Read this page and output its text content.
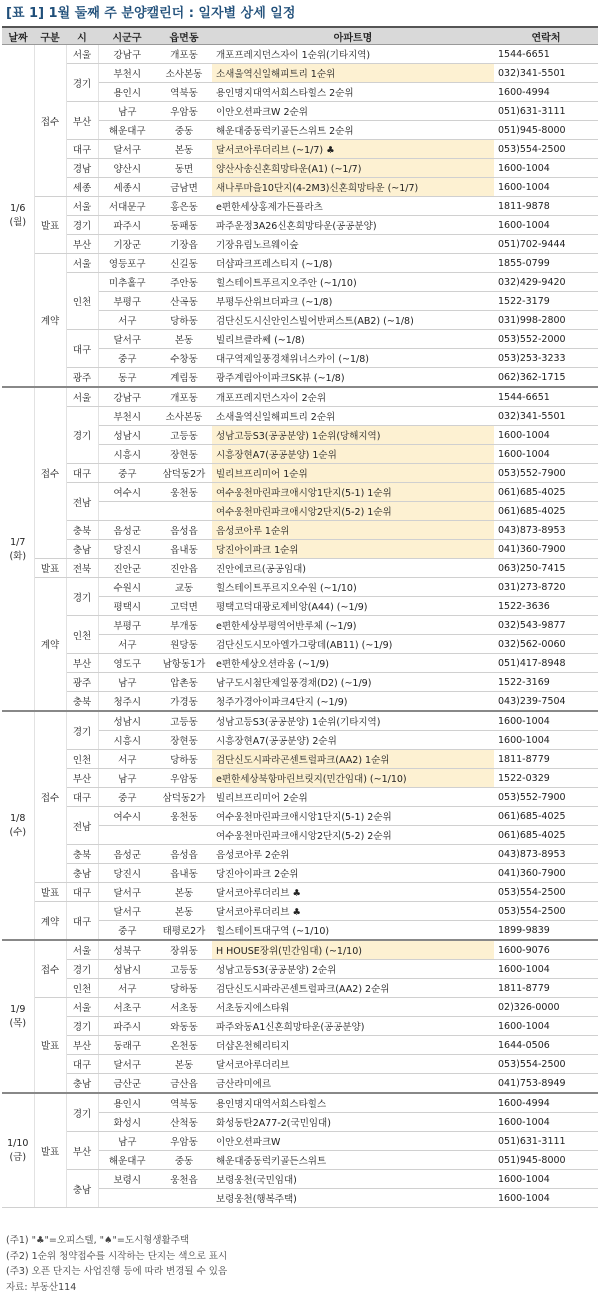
[표 1] 1월 둘째 주 분양캘린더 : 일자별 상세 일정
날짜	구분	시	시군구	읍면동	아파트명	연락처
1/6
(월)	접수	서울	강남구	개포동	개포프레지던스자이 1순위(기타지역)	1544-6651
		경기	부천시	소사본동	소새울역신일해피트리 1순위	032)341-5501
			용인시	역북동	용인명지대역서희스타힐스 2순위	1600-4994
		부산	남구	우암동	이안오션파크W 2순위	051)631-3111
			해운대구	중동	해운대중동럭키골든스위트 2순위	051)945-8000
		대구	달서구	본동	달서코아루더리브 (~1/7) ♣	053)554-2500
		경남	양산시	동면	양산사송신혼희망타운(A1) (~1/7)	1600-1004
		세종	세종시	금남면	새나루마을10단지(4-2M3)신혼희망타운 (~1/7)	1600-1004
	발표	서울	서대문구	홍은동	e편한세상홍제가든플라츠	1811-9878
		경기	파주시	동패동	파주운정3A26신혼희망타운(공공분양)	1600-1004
		부산	기장군	기장읍	기장유림노르웨이숲	051)702-9444
	계약	서울	영등포구	신길동	더샵파크프레스티지 (~1/8)	1855-0799
		인천	미추홀구	주안동	힐스테이트푸르지오주안 (~1/10)	032)429-9420
			부평구	산곡동	부평두산위브더파크 (~1/8)	1522-3179
			서구	당하동	검단신도시신안인스빌어반퍼스트(AB2) (~1/8)	031)998-2800
		대구	달서구	본동	빌리브클라쎄 (~1/8)	053)552-2000
			중구	수창동	대구역제일풍경채위너스카이 (~1/8)	053)253-3233
		광주	동구	계림동	광주계림아이파크SK뷰 (~1/8)	062)362-1715
1/7
(화)	접수	서울	강남구	개포동	개포프레지던스자이 2순위	1544-6651
		경기	부천시	소사본동	소새울역신일해피트리 2순위	032)341-5501
			성남시	고등동	성남고등S3(공공분양) 1순위(당해지역)	1600-1004
			시흥시	장현동	시흥장현A7(공공분양) 1순위	1600-1004
		대구	중구	삼덕동2가	빌리브프리미어 1순위	053)552-7900
		전남	여수시	웅천동	여수웅천마린파크애시앙1단지(5-1) 1순위	061)685-4025
					여수웅천마린파크애시앙2단지(5-2) 1순위	061)685-4025
		충북	음성군	음성읍	음성코아루 1순위	043)873-8953
		충남	당진시	읍내동	당진아이파크 1순위	041)360-7900
	발표	전북	진안군	진안읍	진안에코르(공공임대)	063)250-7415
	계약	경기	수원시	교동	힐스테이트푸르지오수원 (~1/10)	031)273-8720
			평택시	고덕면	평택고덕대광로제비앙(A44) (~1/9)	1522-3636
		인천	부평구	부개동	e편한세상부평역어반루체 (~1/9)	032)543-9877
			서구	원당동	검단신도시모아엘가그랑데(AB11) (~1/9)	032)562-0060
		부산	영도구	남항동1가	e편한세상오션라움 (~1/9)	051)417-8948
		광주	남구	압촌동	남구도시첨단제일풍경채(D2) (~1/9)	1522-3169
		충북	청주시	가경동	청주가경아이파크4단지 (~1/9)	043)239-7504
1/8
(수)	접수	경기	성남시	고등동	성남고등S3(공공분양) 1순위(기타지역)	1600-1004
			시흥시	장현동	시흥장현A7(공공분양) 2순위	1600-1004
		인천	서구	당하동	검단신도시파라곤센트럴파크(AA2) 1순위	1811-8779
		부산	남구	우암동	e편한세상북항마린브릿지(민간임대) (~1/10)	1522-0329
		대구	중구	삼덕동2가	빌리브프리미어 2순위	053)552-7900
		전남	여수시	웅천동	여수웅천마린파크애시앙1단지(5-1) 2순위	061)685-4025
					여수웅천마린파크애시앙2단지(5-2) 2순위	061)685-4025
		충북	음성군	음성읍	음성코아루 2순위	043)873-8953
		충남	당진시	읍내동	당진아이파크 2순위	041)360-7900
	발표	대구	달서구	본동	달서코아루더리브 ♣	053)554-2500
	계약	대구	달서구	본동	달서코아루더리브 ♣	053)554-2500
			중구	태평로2가	힐스테이트대구역 (~1/10)	1899-9839
1/9
(목)	접수	서울	성북구	장위동	H HOUSE장위(민간임대) (~1/10)	1600-9076
		경기	성남시	고등동	성남고등S3(공공분양) 2순위	1600-1004
		인천	서구	당하동	검단신도시파라곤센트럴파크(AA2) 2순위	1811-8779
	발표	서울	서초구	서초동	서초동지에스타워	02)326-0000
		경기	파주시	와동동	파주와동A1신혼희망타운(공공분양)	1600-1004
		부산	동래구	온천동	더샵온천헤리티지	1644-0506
		대구	달서구	본동	달서코아루더리브	053)554-2500
		충남	금산군	금산읍	금산라미에르	041)753-8949
1/10
(금)	발표	경기	용인시	역북동	용인명지대역서희스타힐스	1600-4994
			화성시	산척동	화성동탄2A77-2(국민임대)	1600-1004
		부산	남구	우암동	이안오션파크W	051)631-3111
			해운대구	중동	해운대중동럭키골든스위트	051)945-8000
		충남	보령시	웅천읍	보령웅천(국민임대)	1600-1004
					보령웅천(행복주택)	1600-1004
(주1) "♣"=오피스텔, "♠"=도시형생활주택
(주2) 1순위 청약접수를 시작하는 단지는 색으로 표시
(주3) 오픈 단지는 사업진행 등에 따라 변경될 수 있음
자료: 부동산114
